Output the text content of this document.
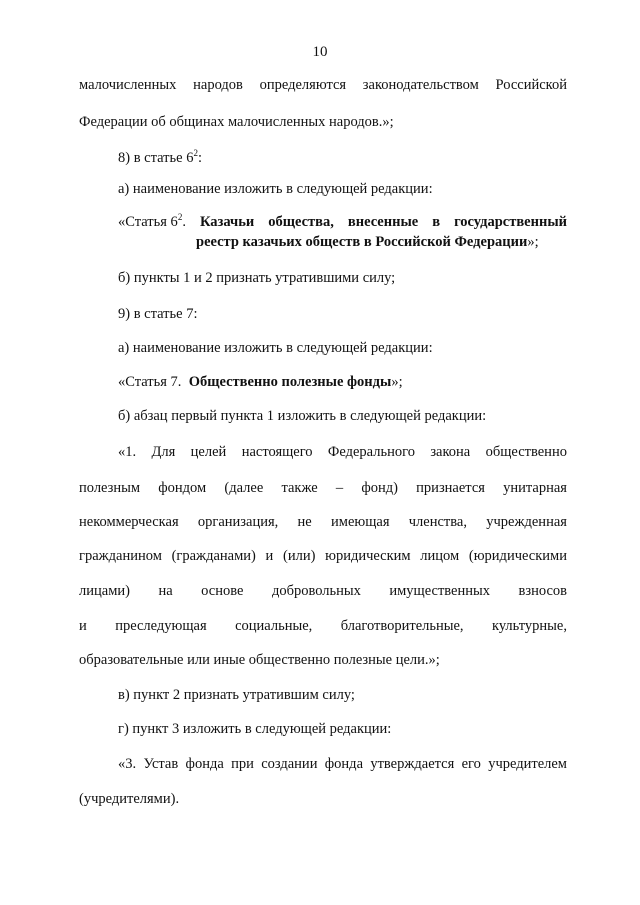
10
малочисленных народов определяются законодательством Российской
Федерации об общинах малочисленных народов.»;
8) в статье $6^2$:
а) наименование изложить в следующей редакции:
«Статья $6^2$. Казачьи общества, внесенные в государственный
реестр казачьих обществ в Российской Федерации»;
б) пункты 1 и 2 признать утратившими силу;
9) в статье 7:
а) наименование изложить в следующей редакции:
«Статья 7. Общественно полезные фонды»;
б) абзац первый пункта 1 изложить в следующей редакции:
«1. Для целей настоящего Федерального закона общественно
полезным фондом (далее также – фонд) признается унитарная
некоммерческая организация, не имеющая членства, учрежденная
гражданином (гражданами) и (или) юридическим лицом (юридическими
лицами) на основе добровольных имущественных взносов
и преследующая социальные, благотворительные, культурные,
образовательные или иные общественно полезные цели.»;
в) пункт 2 признать утратившим силу;
г) пункт 3 изложить в следующей редакции:
«3. Устав фонда при создании фонда утверждается его учредителем
(учредителями).
